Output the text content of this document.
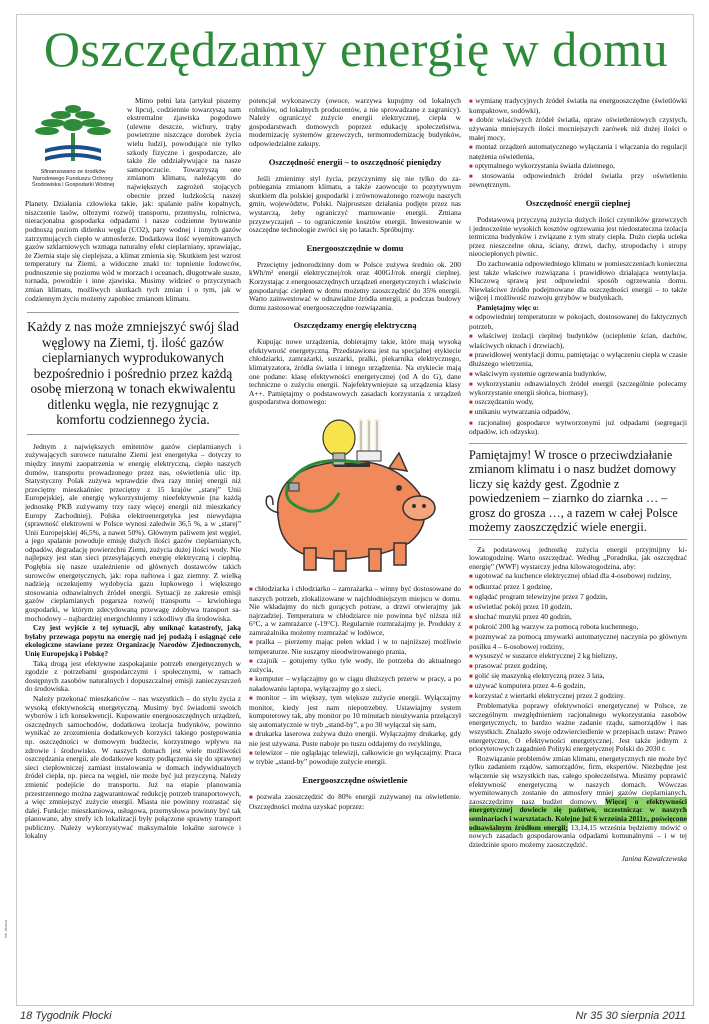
Oszczędzamy energię w domu
Sfinansowano ze środków Narodowego Funduszu Ochrony Środowiska i Gospodarki Wodnej

Mimo pełni lata (artykuł piszemy w lipcu), codziennie towarzyszą nam ekstremalne zjawiska pogodowe (ulewne deszcze, wichury, trąby powietrzne niszczące dorobek życia wielu ludzi), powodujące nie tylko szkody fizyczne i gospodarcze, ale także źle oddziaływujące na nasze samopoczucie. Towarzyszą one zmianom klimatu, należącym do największych zagrożeń stojących obecnie przed ludzkością naszej Planety. Działania człowieka takie, jak: spalanie paliw kopalnych, niszczenie lasów, olbrzymi rozwój transportu, przemysłu, rolnictwa, nieracjonalna gospodarka odpadami i nasze codzienne bytowanie podnoszą poziom ditlenku węgla (CO2), pary wodnej i innych gazów zatrzymujących ciepło w atmosferze. Dodatkowa ilość wyemitowanych gazów szklarniowych wzmaga naturalny efekt cieplarniany, sprawiając, że Ziemia staje się cieplejsza, a klimat zmienia się. Skutkiem jest wzrost temperatury na Ziemi, a widoczne znaki to: topnienie lodowców, podnoszenie się poziomu wód w morzach i oceanach, długotrwałe susze, tornada, powodzie i inne zjawiska. Musimy widzieć o przyczynach zmian klimatu, możliwych skutkach tych zmian i o tym, jak w codziennym życiu możemy zapobiec zmianom klimatu.

Każdy z nas może zmniejszyć swój ślad węglowy na Ziemi, tj. ilość gazów cieplarnianych wyprodukowanych bezpośrednio i pośrednio przez każdą osobę mierzoną w tonach ekwiwalentu ditlenku węgla, nie rezygnując z komfortu codziennego życia.

Jednym z największych emitentów gazów cieplarnianych i zużywających surowce naturalne Ziemi jest energetyka – dotyczy to między innymi zaopatrzenia w energię elektryczną, ciepło naszych domów, transportu prowadzonego przez nas, oświetlenia ulic itp. Statystyczny Polak zużywa wprawdzie dwa razy mniej energii niż przeciętny mieszkańniec przeciętny z 15 krajów „starej” Unii Europejskiej, ale energię wykorzystujemy nieefektywnie (na każdą jednostkę PKB zużywamy trzy razy więcej energii niż mieszkańcy Europy Zachodniej). Polska elektroenergetyka jest niewydajna (sprawność elektrowni w Polsce wynosi zaledwie 36,5 %, a w „starej” Unii Europejskiej 46,5%, a nawet 50%). Głównym paliwem jest węgiel, a jego spalanie powoduje emisję dużych ilości gazów cieplarnianych, odpadów, degradację powierzchni Ziemi, zużycia dużej ilości wody. Nie najlepszy jest stan sieci przesyłających energię elektryczną i cieplną. Pogłębia się nasze uzależnienie od głównych dostawców takich surowców energetycznych, jak: ropa naftowa i gaz ziemny. Z wielką nadzieją oczekujemy wydobycia gazu łupkowego i większego stosowania odnawialnych źródeł energii. Sytuacji ze zakresie emisji gazów cieplarnianych pogarsza rozwój transportu – krwiobiegu gospodarki, w którym zdecydowaną przewagę zdobywa transport samochodowy – najbardziej energochłonny i szkodliwy dla środowiska.

Czy jest wyjście z tej sytuacji, aby uniknąć katastrofy, jaką byłaby przewaga popytu na energię nad jej podażą i osiągnąć cele ekologiczne stawiane przez Organizację Narodów Zjednoczonych, Unię Europejską i Polskę?

Taką drogą jest efektywne zaspokajanie potrzeb energetycznych w zgodzie z potrzebami gospodarczymi i społecznymi, w ramach dostępnych zasobów naturalnych i dopuszczalnej emisji zanieczyszczeń do środowiska.

Należy przekonać mieszkańców – nas wszystkich – do stylu życia z wysoką efektywnością energetyczną. Musimy być świadomi swoich wyborów i ich konsekwencji. Kupowanie energooszczędnych urządzeń, oszczędnych samochodów, dodatkowa izolacja budynków, powinno wynikać ze zrozumienia dodatkowych korzyści takiego postępowania np. oszczędności w domowym budżecie, korzystnego wpływu na zdrowie i środowisko. W naszych domach jest wiele możliwości oszczędzania energii, ale dodatkowe koszty podłączenia się do sprawnej sieci ciepłowniczej zamiast instalowania w domach indywidualnych źródeł ciepła, np. pieca na węgiel, nie może być już przyczyną. Należy zmienić podejście do transportu. Już na etapie planowania przestrzennego można zagwarantować redukcję potrzeb transportowych, a więc zmniejszyć zużycie energii. Miasta nie powinny rozrastać się dalej. Funkcje: mieszkaniowa, usługowa, przemysłowa powinny być tak planowane, aby strefy ich lokalizacji były połączone sprawny transport publiczny. Należy wykorzystywać maksymalnie lokalne surowce i lokalny

potencjał wykonawczy (owoce, warzywa kupujmy od lokalnych rolników, od lokalnych producentów, a nie sprowadzane z zagranicy). Należy ograniczyć zużycie energii elektrycznej, ciepła w gospodarstwach domowych poprzez edukację społeczeństwa, modernizację systemów grzewczych, termomodernizację budynków, odpowiedzialne zakupy.

Oszczędność energii – to oszczędność pieniędzy

Jeśli zmienimy styl życia, przyczynimy się nie tylko do zapobiegania zmianom klimatu, a także zaowocuje to pozytywnym skutkiem dla polskiej gospodarki i zrównoważonego rozwoju naszych gmin, województw, Polski. Najprostsze działania podjęte przez nas wystarczą, żeby ograniczyć marnowanie energii. Zmiana przyzwyczajeń – to ograniczenie kosztów energii. Inwestowanie w oszczędne technologie zwróci się po latach. Spróbujmy.

Energooszczędnie w domu

Przeciętny jednorodzinny dom w Polsce zużywa średnio ok. 200 kWh/m² energii elektrycznej/rok oraz 400GJ/rok energii cieplnej. Korzystając z energooszczędnych urządzeń energetycznych i właściwie gospodarując ciepłem w domu możemy zaoszczędzić do 35% energii. Warto zainwestować w odnawialne źródła energii, a podczas budowy domu zastosować energooszczędne rozwiązania.

Oszczędzamy energię elektryczną

Kupując nowe urządzenia, dobierajmy takie, które mają wysoką efektywność energetyczną. Przedstawiona jest na specjalnej etykiecie chłodziarki, zamrażarki, suszarki, pralki, piekarnika elektrycznego, klimatyzatora, źródła światła i innego urządzenia. Na etykiecie mają one podane: klasę efektywności energetycznej (od A do G), dane techniczne o zużyciu energii. Najefektywniejsze są urządzenia klasy A++. Pamiętajmy o podstawowych zasadach korzystania z urządzeń gospodarstwa domowego:

■ chłodziarka i chłodziarko – zamrażarka – winny być dostosowane do naszych potrzeb, zlokalizowane w najchłodniejszym miejscu w domu. Nie wkładajmy do nich gorących potraw, a drzwi otwierajmy jak najrzadziej. Temperatura w chłodziarce nie powinna być niższa niż 6°C, a w zamrażarce (-19°C). Regularnie rozmrażajmy je. Produkty z zamrażalnika możemy rozmrażać w lodówce,
■ pralka – pierzemy mając pełen wkład i w to najniższej możliwie temperaturze. Nie susząmy nieodwirowanego prania,
■ czajnik – gotujemy tylko tyle wody, ile potrzeba do aktualnego zużycia,
■ komputer – wyłączajmy go w ciągu dłuższych przerw w pracy, a po naładowaniu laptopa, wyłączajmy go z sieci,
■ monitor – im większy, tym większe zużycie energii. Wyłączajmy monitor, kiedy jest nam niepotrzebny. Ustawiajmy system komputerowy tak, aby monitor po 10 minutach nieużywania przełączył się automatycznie w tryb „stand-by”, a po 30 wyłączał się sam,
■ drukarka laserowa zużywa dużo energii. Wyłączajmy drukarkę, gdy nie jest używana. Puste naboje po tuszu oddajemy do recyklingu,
■ telewizor – nie oglądając telewizji, całkowicie go wyłączajmy. Praca w trybie „stand-by” powoduje zużycie energii.
Energooszczędne oświetlenie
■ pozwala zaoszczędzić do 80% energii zużywanej na oświetlenie. Oszczędności można uzyskać poprzez:
■ wymianę tradycyjnych źródeł światła na energooszczędne (świetlówki kompaktowe, sodówki),
■ dobór właściwych źródeł światła, opraw oświetleniowych czystych, używania mniejszych ilości mocniejszych zarówek niż dużej ilości o małej mocy,
■ montaż urządzeń automatycznego wyłączania i włączania do regulacji natężenia oświetlenia,
■ optymalnego wykorzystania światła dziennego,
■ stosowania odpowiednich źródeł światła przy oświetleniu zewnętrznym.
Oszczędność energii cieplnej

Podstawową przyczyną zużycia dużych ilości czynników grzewczych i jednocześnie wysokich kosztów ogrzewania jest niedostateczna izolacja termiczna budynków i związane z tym straty ciepła. Dużo ciepła ucieka przez nieszczelne okna, ściany, drzwi, dachy, stropodachy i stropy nieociepłonych piwnic.

Do zachowania odpowiedniego klimatu w pomieszczeniach konieczna jest także właściwe rozwiązana i prawidłowo działająca wentylacja. Kluczową sprawą jest odpowiedni sposób ogrzewania domu. Niewłaściwe źródło podejmowane dla oszczędności energii – to także wiğcej i możliwość rozwoju grzybów w budynkach.

Pamiętajmy więc o:

■ odpowiedniej temperaturze w pokojach, dostosowanej do faktycznych potrzeb,
■ właściwej izolacji cieplnej budynków (ocieplenie ścian, dachów, właściwych oknach i drzwiach),
■ prawidłowej wentylacji domu, pamiętając o wyłączeniu ciepła w czasie dłuższego wietrzenia,
■ właściwym systemie ogrzewania budynków,
■ wykorzystaniu odnawialnych źródeł energii (szczególnie polecamy wykorzystanie energii słońca, biomasy),
■ oszczędzaniu wody,
■ unikaniu wytwarzania odpadów,
■ racjonalnej gospodarce wytworzonymi już odpadami (segregacji odpadów, ich odzysku).
Pamiętajmy! W trosce o przeciwdziałanie zmianom klimatu i o nasz budżet domowy liczy się każdy gest. Zgodnie z powiedzeniem – ziarnko do ziarnka … – grosz do grosza …, a razem w całej Polsce możemy zaoszczędzić wiele energii.

Za podstawową jednostkę zużycia energii przyjmijmy kilowatogodzinę. Warto oszczędzać. Według „Poradnika, jak oszczędzać energię” (WWF) wystarczy jedna kilowatogodzina, aby:

■ ugotować na kuchence elektrycznej obiad dla 4-osobowej rodziny,
■ odkurzać przez 1 godzinę,
■ oglądać program telewizyjne przez 7 godzin,
■ oświetlać pokój przez 10 godzin,
■ słuchać muzyki przez 40 godzin,
■ pokroić 200 kg warzyw za pomocą robota kuchennego,
■ pozmywać za pomocą zmywarki automatycznej naczynia po głównym posiłku 4 – 6-osobowej rodziny,
■ wysuszyć w suszarce elektrycznej 2 kg bielizny,
■ prasować przez godzinę,
■ golić się maszynką elektryczną przez 3 lata,
■ używać komputera przez 4–6 godzin,
■ korzystać z wiertarki elektrycznej przez 2 godziny.

Problematyka poprawy efektywności energetycznej w Polsce, ze szczególnym uwzględnieniem racjonalnego wykorzystania zasobów energetycznych, to bardzo ważne zadanie rządu, samorządów i nas wszystkich. Znalazło swoje odzwierciedlenie w przepisach ustaw: Prawo energetyczne, O efektywności energetycznej. Jest także jednym z priorytetowych zagadnień Polityki energetycznej Polski do 2030 r.

Rozwiązanie problemów zmian klimatu, energetycznych nie może być tylko zadaniem rządów, samorządów, firm, ekspertów. Niezbędne jest włączenie się wszystkich nas, całego społeczeństwa. Musimy poprawić efektywność energetyczną w naszych domach. Wówczas wyemitowanych zostanie do atmosfery mniej gazów cieplarnianych, zaoszczędzimy nasz budżet domowy. Więcej o efektywności energetycznej dowiecie się państwo, uczestnicząc w naszych seminariach i warsztatach. Kolejne już 6 września 2011r., poświęcone odnawialnym źródłom energii; 13,14,15 września będziemy mówić o nowych zasadach gospodarowania odpadami komunalnymi – i w tej dziedzinie sporo możemy zaoszczędzić.

Janina Kawałczewska
fot. Abaca
18 Tygodnik Płocki	Nr 35 30 sierpnia 2011
